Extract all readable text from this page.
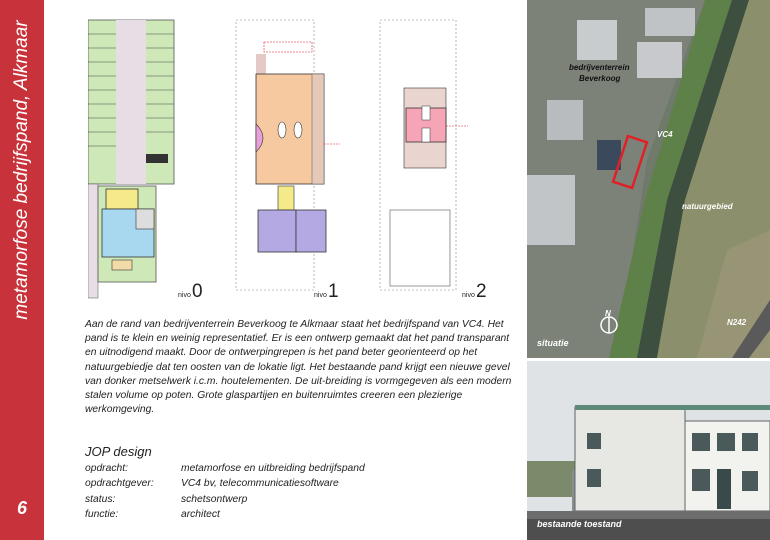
metamorfose bedrijfspand, Alkmaar
6
nivo 0	nivo 1	nivo 2

Aan de rand van bedrijventerrein Beverkoog te Alkmaar staat het bedrijfspand van VC4. Het pand is te klein en weinig representatief. Er is een ontwerp gemaakt dat het pand transparant en uitnodigend maakt. Door de ontwerpingrepen is het pand beter georienteerd op het natuurgebiedje dat ten oosten van de lokatie ligt. Het bestaande pand krijgt een nieuwe gevel van donker metselwerk i.c.m. houtelementen. De uit-breiding is vormgegeven als een modern stalen volume op poten. Grote glaspartijen en buitenruimtes creeren een plezierige werkomgeving.

JOP design
opdracht:	metamorfose en uitbreiding bedrijfspand
opdrachtgever:	VC4 bv, telecommunicatiesoftware
status:	schetsontwerp
functie:	architect
bedrijventerrein
Beverkoog
VC4
natuurgebied
N242
N
situatie
bestaande toestand
